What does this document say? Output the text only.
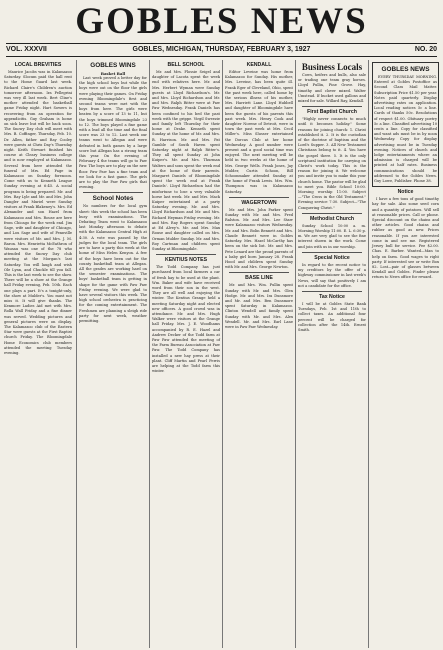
GOBLES NEWS
VOL. XXXVII	GOBLES, MICHIGAN, THURSDAY, FEBRUARY 3, 1927	NO. 20
LOCAL BREVITIES

Maurice Jacobs was in Kalamazoo Saturday. Slocum paid the hall rent to the Home Guard last week. Richard Claire's Children's auction tomorrow afternoon. Ira Pellegrini was very ill last week. Bert Cline's mother attended the basketball game Friday night. Hart Sowers is recovering from an operation for appendicitis. Guy Graham is home on sick leave but will be back soon. The Snowy Day club will meet with Mrs. B. Coffinger, Thursday, Feb. 10. Dr. Allen, father and Ray Cooley were guests at Chris Day's Thursday night. Keith Stewart finished his course at Cleary business college and is now employed at Kalamazoo. Several from here attended the funeral of Mrs. Ed Page in Kalamazoo on Sunday forenoon. Come with us to Kenneth League Sunday evening at 6:45. A social program is being prepared. Mr. and Mrs. Ray Lyle and Mr. and Mrs. John Dangler and Muriel were Sunday visitors at Frank Blakeney's. Mrs. Ed Alexander and son Hazel from Kalamazoo and Mrs. Rouse are here from Chicago for the week end. Jim Sage, wife and daughter of Chicago, and Lou Sage and wife of Fennville were visitors of Mr. and Mrs. J. M. Baron. Mrs. Henrietta McEathron of Wausau was one of the 78 who attended the Snowy Day club meeting at the Morgan's last Saturday. You will laugh and wish Ole Lynn, and Chuckle till you fall. This is the last week to see the show. There will be a show at the Grange hall Friday evening, Feb. 10th. Each one plays a part. It's a tonight-only, the show at Mulder's. You must not miss it. It will give thanks. The Kenmore Ladies Aid met with Mrs. Rolla Wall Friday and a fine dinner was served. Wedding pictures and general pictures were on display. The Kalamazoo club of the Eastern Star were guests at the First Baptist church Friday. The Bloomingdale Home Economics club members attended the meeting Tuesday evening.

GOBLES WINS
Basket Ball

Last week proved a better day for the high school boys but while the boys were out on the floor the girls were playing their games. On Friday evening Bloomingdale's first and second teams were met with the boys from here. The girls were beaten by a score of 13 to 11, but the boys trimmed Bloomingdale 23 to 12. The boys played a fine game with a lead all the time and the final score was 23 to 12. Last week our teams went to Allegan and were defeated in both games by a large score but Allegan has a strong team this year. On the evening of February 4 the teams will go to Paw Paw. The boys are to play on the new floor. Paw Paw has a fine team and we look for a fast game. The girls are to play the Paw Paw girls that evening.

School Notes

No numbers for the local gym sheet: this week the school has been busy with examinations. The Debating Team went to Kalamazoo last Monday afternoon to debate with the Kalamazoo Central High at 4:30. A vote was passed by the judges for the local team. The girls are to have a party this week at the home of Miss Helen Kenyon. A few of the boys have been out for the county basketball team at Allegan. All the grades are working hard on the semester examinations. The boys' basketball team is getting in shape for the game with Paw Paw Friday evening. We were glad to have several visitors this week. The high school orchestra is practicing for the coming entertainment. The Freshmen are planning a sleigh ride party for next week, weather permitting.

BELL SCHOOL

Mr. and Mrs. Flossie Seigel and daughter of Lacota spent the week end with relatives here. Mr. and Mrs. Herbert Wyman were Sunday guests at Lloyd Richardson's. Mr. and Mrs. Lloyd Richardson and Mr. and Mrs. Ralph Ritter were at Paw Paw Wednesday. Frank Daniels has been confined to his bed the past week with the grippe. Virgil Sweezie and family left Thursday for their home at Drake. Kenneth spent Sunday at the home of Mr. and Mrs. B. Harrison. Mr. and Mrs. Pat Gamble of South Haven spent Saturday night at Ralph Ritter's. They all spent Sunday at John Kuiper's. Mr. and Mrs. Thurman Walters and sons spent the week end at the home of their parents. Margaret Daniels of Bloomingdale spent the week end at Frank Daniels'. Lloyd Richardson had the misfortune to lose a very valuable horse last week. Mr. and Mrs. Mack Kuiper entertained at a party Saturday evening. Mr. and Mrs. Lloyd Richardson and Mr. and Mrs. Richard Heyman Friday evening. Mr. and Mrs. Ray Rogers spent Sunday at Ed Alvey's. Mr. and Mrs. Max Rouse and daughter called on Mrs. Orman Mulder Sunday. Mr. and Mrs. Roy Cartman and children spent Sunday at Bloomingdale.

KENTIUS NOTES

The Todd Company has just purchased from local farmers a car of fresh hay to be used at the plant. Wm. Baker and wife have received word from their son in the west. They are all well and enjoying the winter. The Kentius Grange held a meeting Saturday night and elected new officers. A good crowd was in attendance. Mr. and Mrs. Hugh Walker were visitors at the Grange hall Friday. Mrs. J. E. Woodhams accompanied by R. E. Hazel and Andrew Decker of the Todd farm at Paw Paw attended the meeting of the Farm Bureau Association at Paw Paw. The Todd Company has installed a new hay press at their plant. Cliff Martin and Pearl Ferris are helping at the Todd farm this winter.

KENDALL

Editor Leveine was home from Kalamazoo for Sunday. His mother, Mrs. Leveine, has been quite ill. Frank Eger of Cleveland, Ohio, spent the past week here, called home by the serious illness of his mother, Mrs. Harriett Lane. Lloyd Hubbell and daughter of Bloomingdale have been the guests of his parents this past week. Mrs. Henry Cook and daughter Norene of Detroit, were in town the past week at Mrs. Cecil Miller's. Miss Slusser entertained the Dorcas Club at her home Wednesday. A good number were present and a good social time was enjoyed. The next meeting will be held in two weeks at the home of Mrs. George Wells. Frank Jones, Jay Mulder, Curtis Schoon, Bill Schoonmaker attended Sunday at the home of Frank Lewis. Mrs. Wm. Thompson was in Kalamazoo Saturday.

WAGERTOWN

Mr. and Mrs. John Parker spent Sunday with Mr. and Mrs. Fred Ralston. Mr. and Mrs. Lee Starr were Kalamazoo visitors Wednesday. Mr. and Mrs. Bolin Bennett and Mrs. Claude Bennett were in Gobles Saturday. Mrs. Hazel McCarthy has been on the sick list. Mr. and Mrs. Pete Lenard are the proud parents of a baby girl born January 28. Frank Hood and children spent Sunday with Mr. and Mrs. George Newton.

BASE LINE

Mr. and Mrs. Wm. Pullin spent Sunday with Mr. and Mrs. Glen Hodge. Mr. and Mrs. Ira Dunsmore and Mr. and Mrs. Ben Dunsmore spent Saturday in Kalamazoo. Clinton Wendell and family spent Sunday with Mr. and Mrs. Alex Wendell. Mr. and Mrs. Earl Lane were in Paw Paw Wednesday.

Business Locals

Cows, heifers and bulls, also sale or trading one team gray horses. Lloyd Pullin, Pine Grove. Hay, timothy and clover mixed. Walter Umstead. If bucket used gallons and mixed for sale. Willard Ray, Kendall.

First Baptist Church

"Highly never connects to much until it becomes holiday." Some reasons for joining church: 1. Christ established it. 2. It is the custodian of the doctrine of baptism and the Lord's Supper. 3. All New Testament Christians belong to it. 4. You have the gospel there. 5. It is the only scriptural institution for carrying on Christ's work today. This is the reason for joining it. We welcome you and invite you to make this your church home. The pastor will be glad to meet you. Bible School 10:00. Morning worship 11:00. Subject—"The Cross in the Old Testament." Evening service 7:30. Subject—"The Conquering Christ."

Methodist Church

Sunday School 10:00 a. m. Morning Worship 11:00. E. L. 6:30 p. m. We are very glad to see the fine interest shown in the work. Come and join with us in our worship.

Special Notice

In regard to the recent notice to my creditors by the offer of a highway commissioner in last week's News, will say that positively I am not a candidate for the office.

Tax Notice

I will be at Gobles State Bank Tuesdays, Feb. 1st and 11th to collect taxes. An additional four percent will be charged for collection after the 14th. Ernest Smith.

GOBLES NEWS

EVERY THURSDAY MORNING. Entered at Gobles Postoffice as Second Class Mail Matter. Subscription Price $1.50 per year. Notes paid quarterly. Display advertising rates on application. Local reading notices 5c a line. Cards of thanks 50c. Resolutions of respect $1.00. Obituary poetry 5c a line. Classified advertising 10 cents a line. Copy for classified and want ads must be in by noon Wednesday. Copy for display advertising must be in Tuesday evening. Notices of church and lodge entertainments where an admission is charged will be printed at half rates. Business communications should be addressed to the Gobles News. Guy Lowe, Publisher. Phone 38.

Notice

I have a few tons of good timothy hay for sale. Also some seed corn and a quantity of potatoes. Will sell at reasonable prices. Call or phone. Special discount on the chains and other articles. Good chains and rubber as good as new. Prices reasonable. If you are interested come in and see me. Registered Jersey bull for service. Fee $2.00. Chas. E. Barber. Wanted—Man to help on farm. Good wages to right party. If interested see or write Box 82. Lost—pair of glasses between Kendall and Gobles. Finder please return to News office for reward.
